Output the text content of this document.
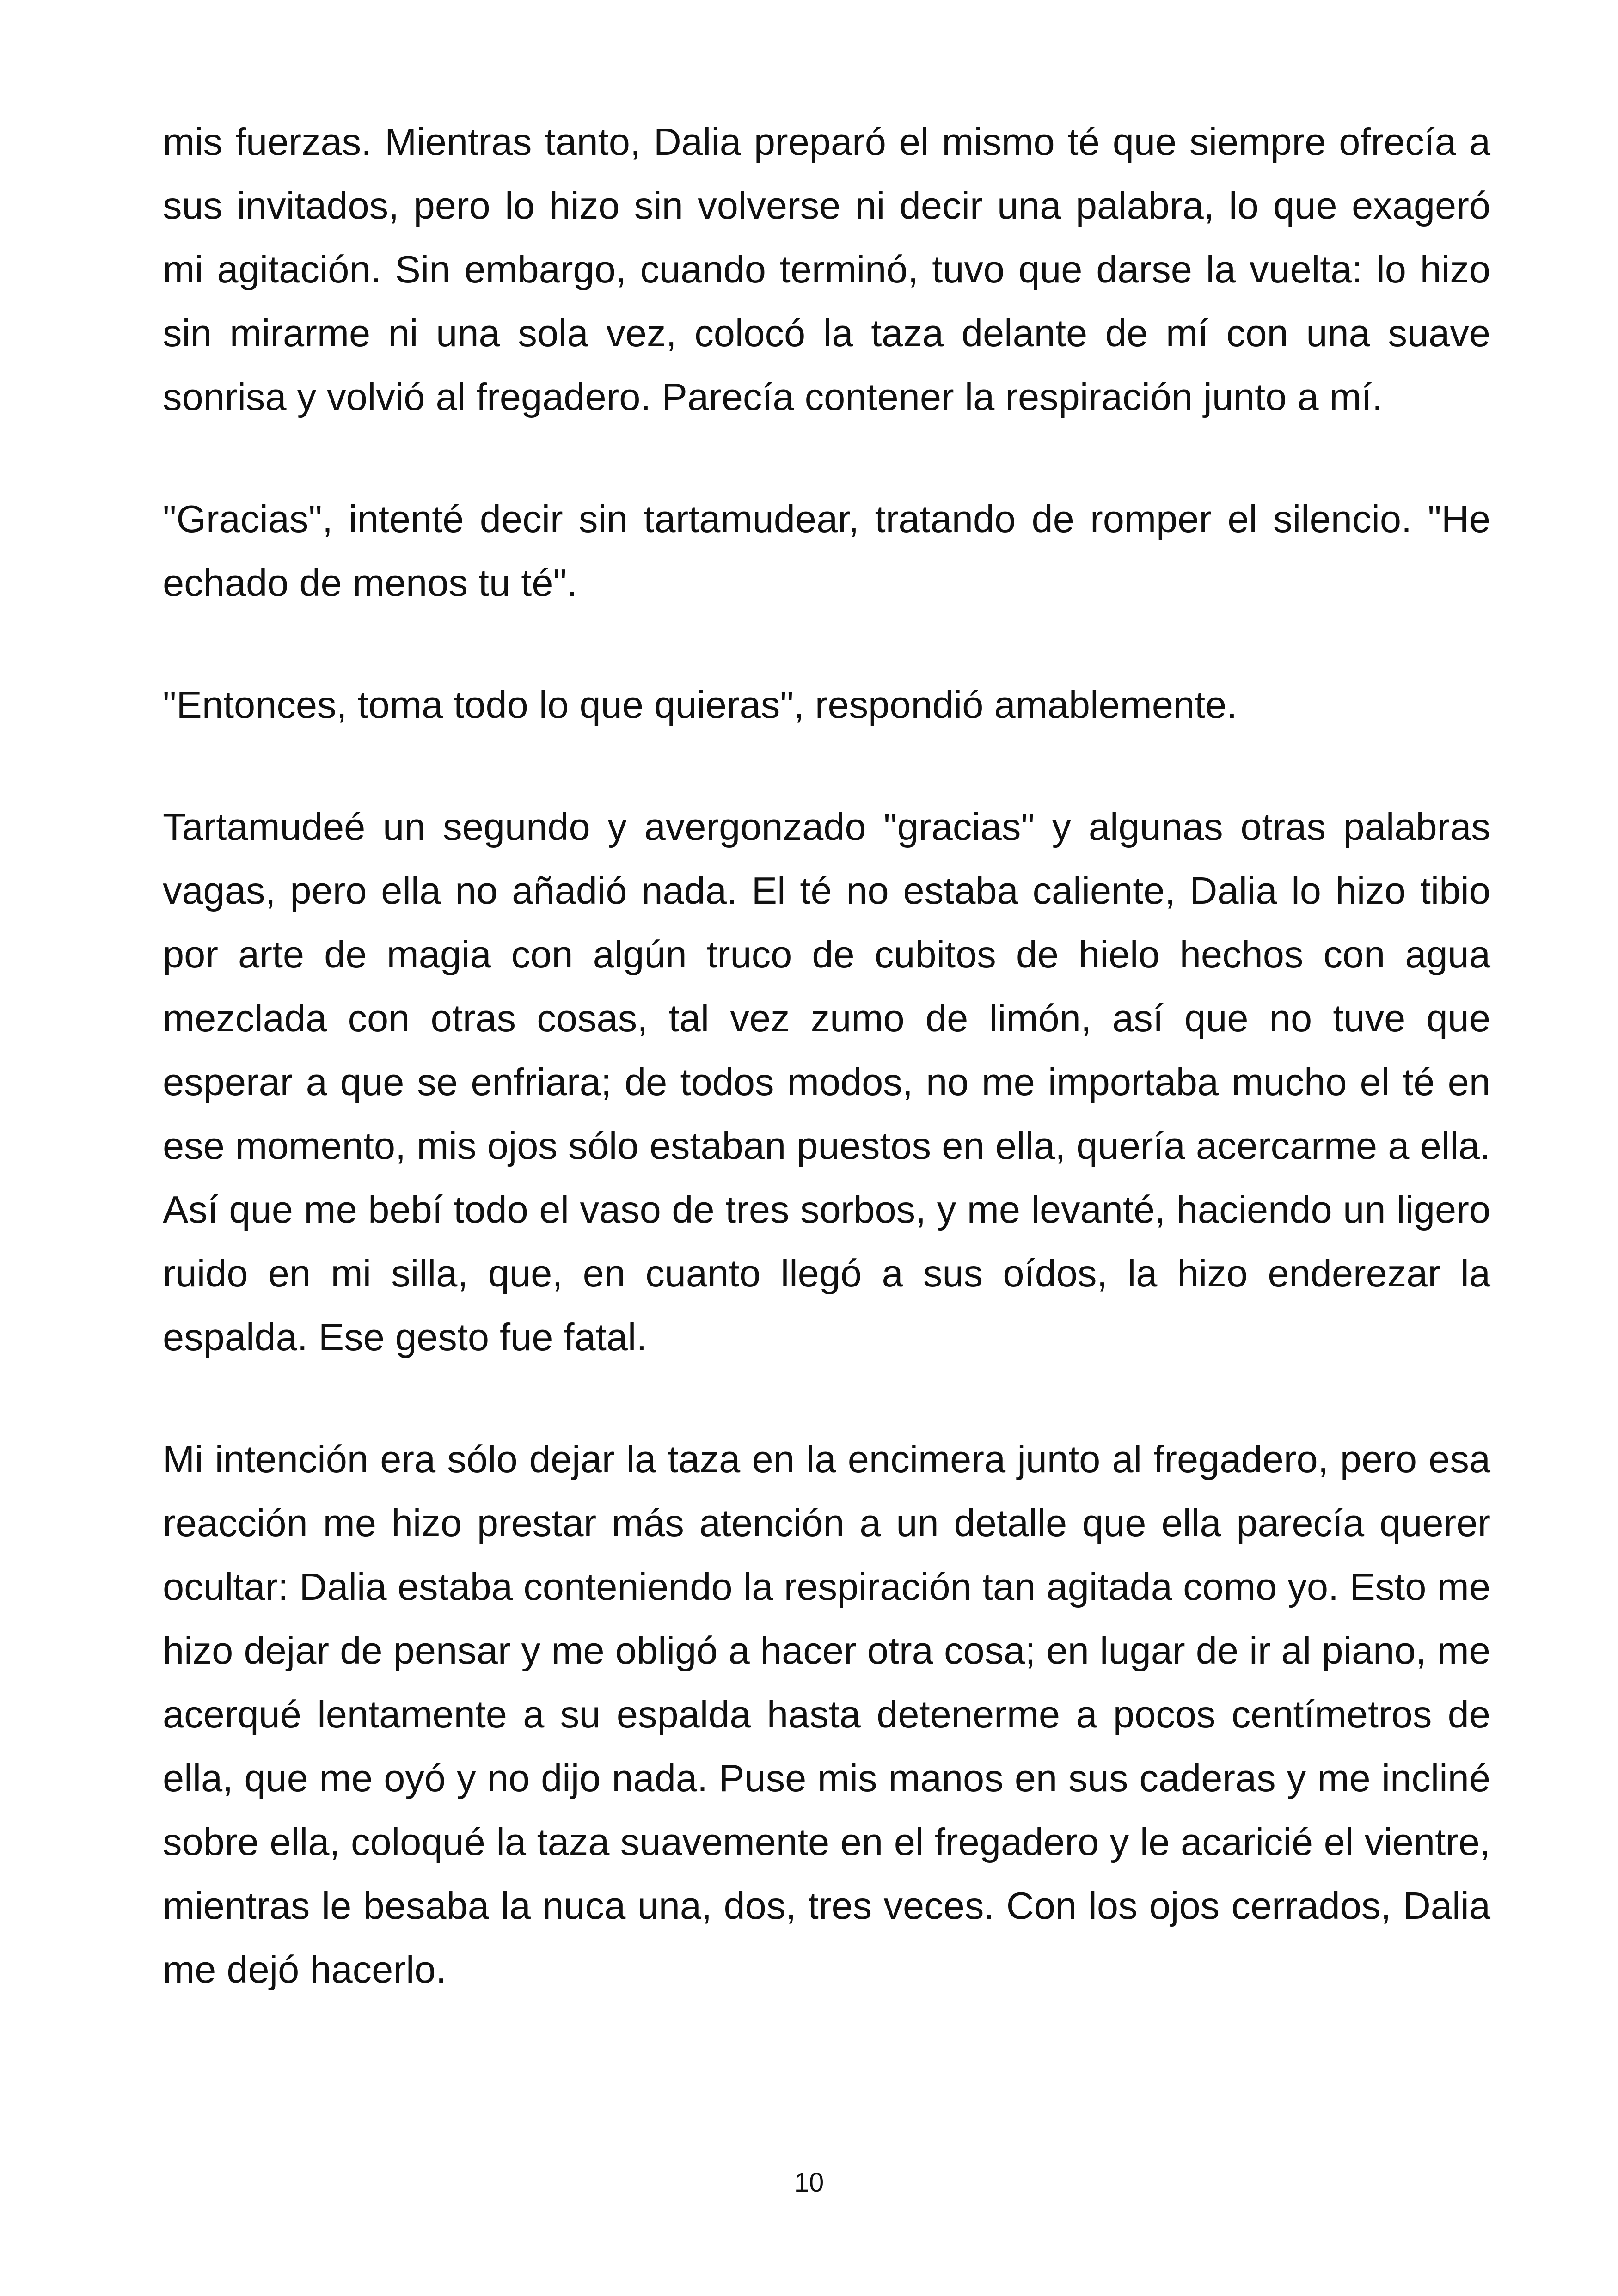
mis fuerzas. Mientras tanto, Dalia preparó el mismo té que siempre ofrecía a sus invitados, pero lo hizo sin volverse ni decir una palabra, lo que exageró mi agitación. Sin embargo, cuando terminó, tuvo que darse la vuelta: lo hizo sin mirarme ni una sola vez, colocó la taza delante de mí con una suave sonrisa y volvió al fregadero. Parecía contener la respiración junto a mí.

"Gracias", intenté decir sin tartamudear, tratando de romper el silencio. "He echado de menos tu té".

"Entonces, toma todo lo que quieras", respondió amablemente.

Tartamudeé un segundo y avergonzado "gracias" y algunas otras palabras vagas, pero ella no añadió nada. El té no estaba caliente, Dalia lo hizo tibio por arte de magia con algún truco de cubitos de hielo hechos con agua mezclada con otras cosas, tal vez zumo de limón, así que no tuve que esperar a que se enfriara; de todos modos, no me importaba mucho el té en ese momento, mis ojos sólo estaban puestos en ella, quería acercarme a ella. Así que me bebí todo el vaso de tres sorbos, y me levanté, haciendo un ligero ruido en mi silla, que, en cuanto llegó a sus oídos, la hizo enderezar la espalda. Ese gesto fue fatal.

Mi intención era sólo dejar la taza en la encimera junto al fregadero, pero esa reacción me hizo prestar más atención a un detalle que ella parecía querer ocultar: Dalia estaba conteniendo la respiración tan agitada como yo. Esto me hizo dejar de pensar y me obligó a hacer otra cosa; en lugar de ir al piano, me acerqué lentamente a su espalda hasta detenerme a pocos centímetros de ella, que me oyó y no dijo nada. Puse mis manos en sus caderas y me incliné sobre ella, coloqué la taza suavemente en el fregadero y le acaricié el vientre, mientras le besaba la nuca una, dos, tres veces. Con los ojos cerrados, Dalia me dejó hacerlo.

10
